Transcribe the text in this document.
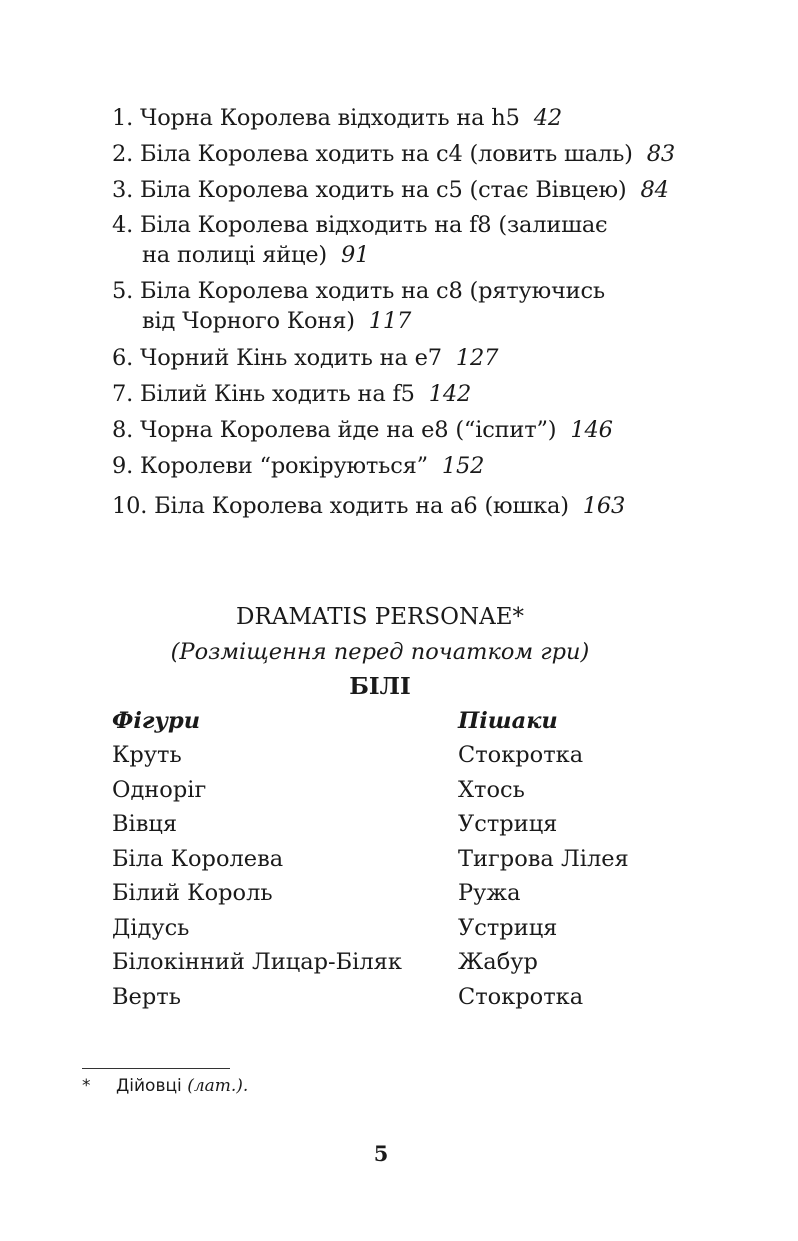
1. Чорна Королева відходить на h5 42
2. Біла Королева ходить на c4 (ловить шаль) 83
3. Біла Королева ходить на c5 (стає Вівцею) 84
4. Біла Королева відходить на f8 (залишає
на полиці яйце) 91
5. Біла Королева ходить на c8 (рятуючись
від Чорного Коня) 117
6. Чорний Кінь ходить на e7 127
7. Білий Кінь ходить на f5 142
8. Чорна Королева йде на e8 (“іспит”) 146
9. Королеви “рокіруються” 152
10. Біла Королева ходить на a6 (юшка) 163
DRAMATIS PERSONAE*
(Розміщення перед початком гри)
БІЛІ
Фігури
Круть
Однoріг
Вівця
Біла Королева
Білий Король
Дідусь
Білокінний Лицар-Біляк
Верть
Пішаки
Стокротка
Хтось
Устриця
Тигрова Лілея
Ружа
Устриця
Жабур
Стокротка
* Дійовці (лат.).
5
